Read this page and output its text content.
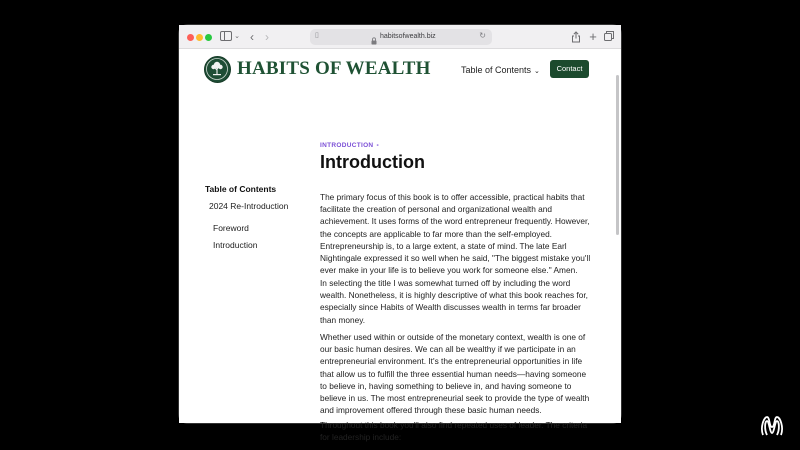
⌄ ‹ ›	▯	habitsofwealth.biz	↻	+
HABITS OF WEALTH	Table of Contents ⌄	Contact
Table of Contents
2024 Re-Introduction
Foreword
Introduction
INTRODUCTION •
Introduction

The primary focus of this book is to offer accessible, practical habits that facilitate the creation of personal and organizational wealth and achievement. It uses forms of the word entrepreneur frequently. However, the concepts are applicable to far more than the self-employed. Entrepreneurship is, to a large extent, a state of mind. The late Earl Nightingale expressed it so well when he said, "The biggest mistake you'll ever make in your life is to believe you work for someone else." Amen.

In selecting the title I was somewhat turned off by including the word wealth. Nonetheless, it is highly descriptive of what this book reaches for, especially since Habits of Wealth discusses wealth in terms far broader than money.

Whether used within or outside of the monetary context, wealth is one of our basic human desires. We can all be wealthy if we participate in an entrepreneurial environment. It's the entrepreneurial opportunities in life that allow us to fulfill the three essential human needs—having someone to believe in, having something to believe in, and having someone to believe in us. The most entrepreneurial seek to provide the type of wealth and improvement offered through these basic human needs.

Throughout this book you'll also find repeated uses of leader. The criteria for leadership include:
